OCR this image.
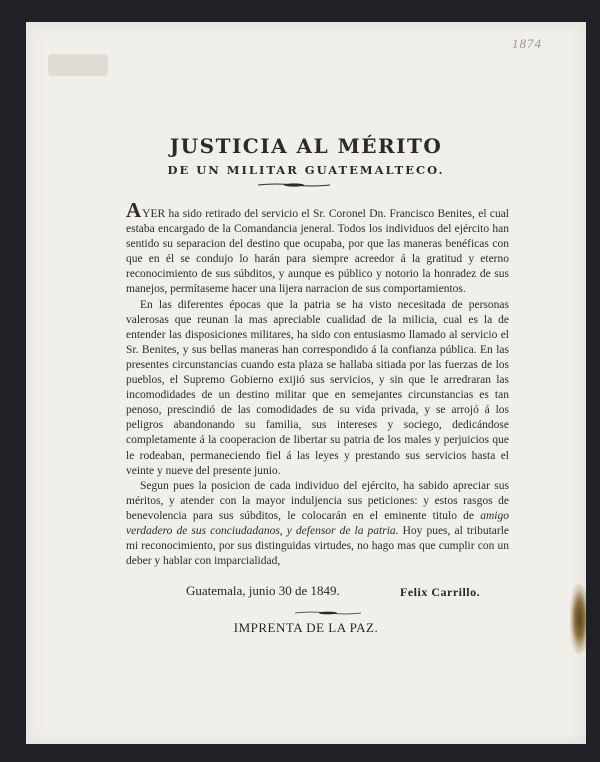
1874
JUSTICIA AL MÉRITO
DE UN MILITAR GUATEMALTECO.

AYER ha sido retirado del servicio el Sr. Coronel Dn. Francisco Benites, el cual estaba encargado de la Comandancia jeneral. Todos los individuos del ejército han sentido su separacion del destino que ocupaba, por que las maneras benéficas con que en él se condujo lo harán para siempre acreedor á la gratitud y eterno reconocimiento de sus súbditos, y aunque es público y notorio la honradez de sus manejos, permítaseme hacer una lijera narracion de sus comportamientos.

En las diferentes épocas que la patria se ha visto necesitada de personas valerosas que reunan la mas apreciable cualidad de la milicia, cual es la de entender las disposiciones militares, ha sido con entusiasmo llamado al servicio el Sr. Benites, y sus bellas maneras han correspondido á la confianza pública. En las presentes circunstancias cuando esta plaza se hallaba sitiada por las fuerzas de los pueblos, el Supremo Gobierno exijió sus servicios, y sin que le arredraran las incomodidades de un destino militar que en semejantes circunstancias es tan penoso, prescindió de las comodidades de su vida privada, y se arrojó á los peligros abandonando su familia, sus intereses y sociego, dedicándose completamente á la cooperacion de libertar su patria de los males y perjuicios que le rodeaban, permaneciendo fiel á las leyes y prestando sus servicios hasta el veinte y nueve del presente junio.

Segun pues la posicion de cada individuo del ejército, ha sabido apreciar sus méritos, y atender con la mayor induljencia sus peticiones: y estos rasgos de benevolencia para sus súbditos, le colocarán en el eminente titulo de amigo verdadero de sus conciudadanos, y defensor de la patria. Hoy pues, al tributarle mi reconocimiento, por sus distinguidas virtudes, no hago mas que cumplir con un deber y hablar con imparcialidad,

Guatemala, junio 30 de 1849.	Felix Carrillo.
IMPRENTA DE LA PAZ.
